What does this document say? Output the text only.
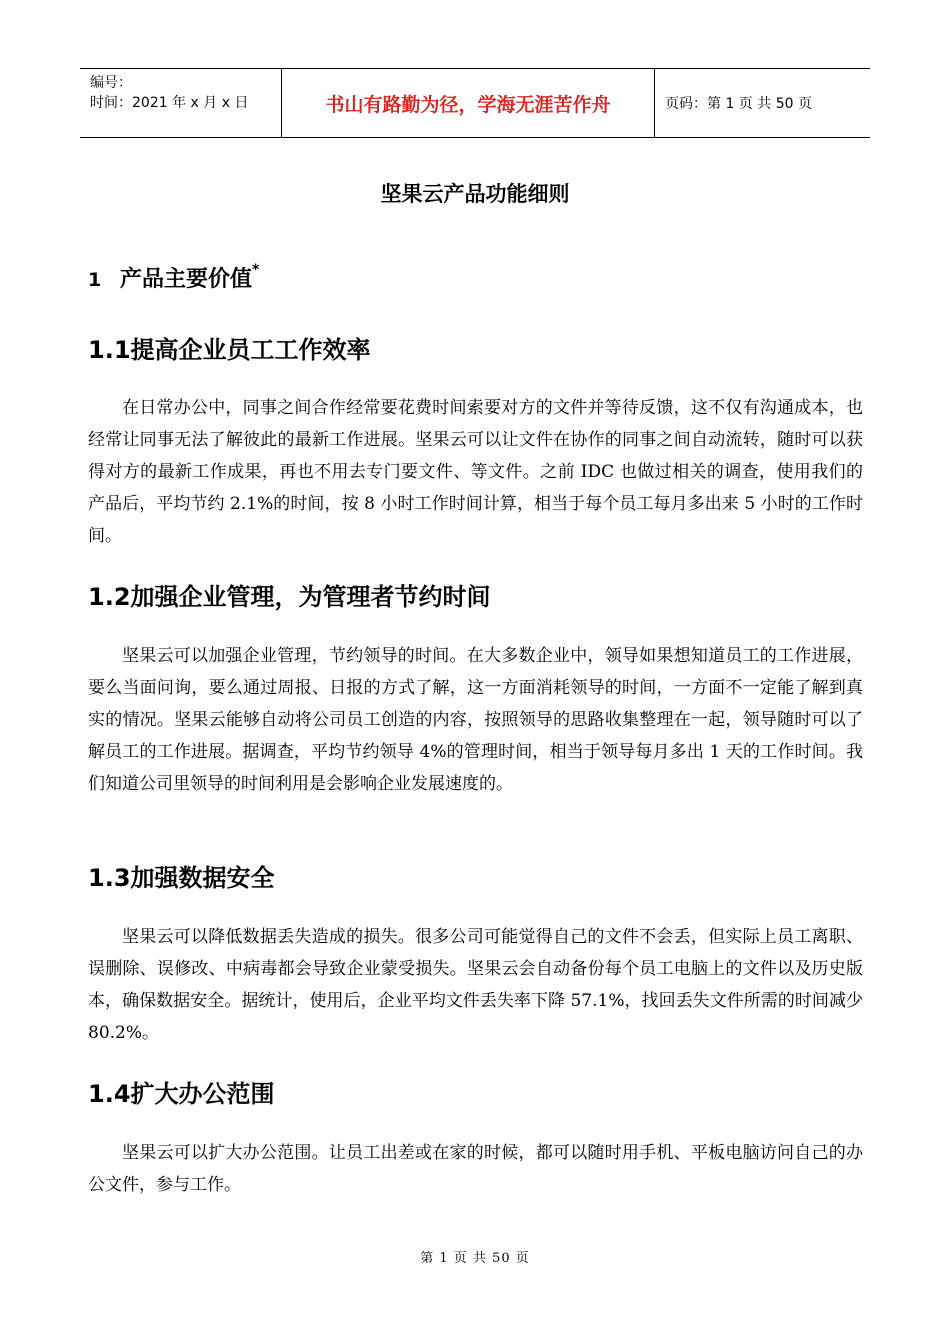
编号：
时间：2021 年 x 月 x 日	书山有路勤为径，学海无涯苦作舟	页码：第 1 页 共 50 页
坚果云产品功能细则
1 产品主要价值*
1.1提高企业员工工作效率
在日常办公中，同事之间合作经常要花费时间索要对方的文件并等待反馈，这不仅有沟通成本，也经常让同事无法了解彼此的最新工作进展。坚果云可以让文件在协作的同事之间自动流转，随时可以获得对方的最新工作成果，再也不用去专门要文件、等文件。之前 IDC 也做过相关的调查，使用我们的产品后，平均节约 2.1%的时间，按 8 小时工作时间计算，相当于每个员工每月多出来 5 小时的工作时间。
1.2加强企业管理，为管理者节约时间
坚果云可以加强企业管理，节约领导的时间。在大多数企业中，领导如果想知道员工的工作进展，要么当面问询，要么通过周报、日报的方式了解，这一方面消耗领导的时间，一方面不一定能了解到真实的情况。坚果云能够自动将公司员工创造的内容，按照领导的思路收集整理在一起，领导随时可以了解员工的工作进展。据调查，平均节约领导 4%的管理时间，相当于领导每月多出 1 天的工作时间。我们知道公司里领导的时间利用是会影响企业发展速度的。
1.3加强数据安全
坚果云可以降低数据丢失造成的损失。很多公司可能觉得自己的文件不会丢，但实际上员工离职、误删除、误修改、中病毒都会导致企业蒙受损失。坚果云会自动备份每个员工电脑上的文件以及历史版本，确保数据安全。据统计，使用后，企业平均文件丢失率下降 57.1%，找回丢失文件所需的时间减少 80.2%。
1.4扩大办公范围
坚果云可以扩大办公范围。让员工出差或在家的时候，都可以随时用手机、平板电脑访问自己的办公文件，参与工作。
第 1 页 共 50 页
